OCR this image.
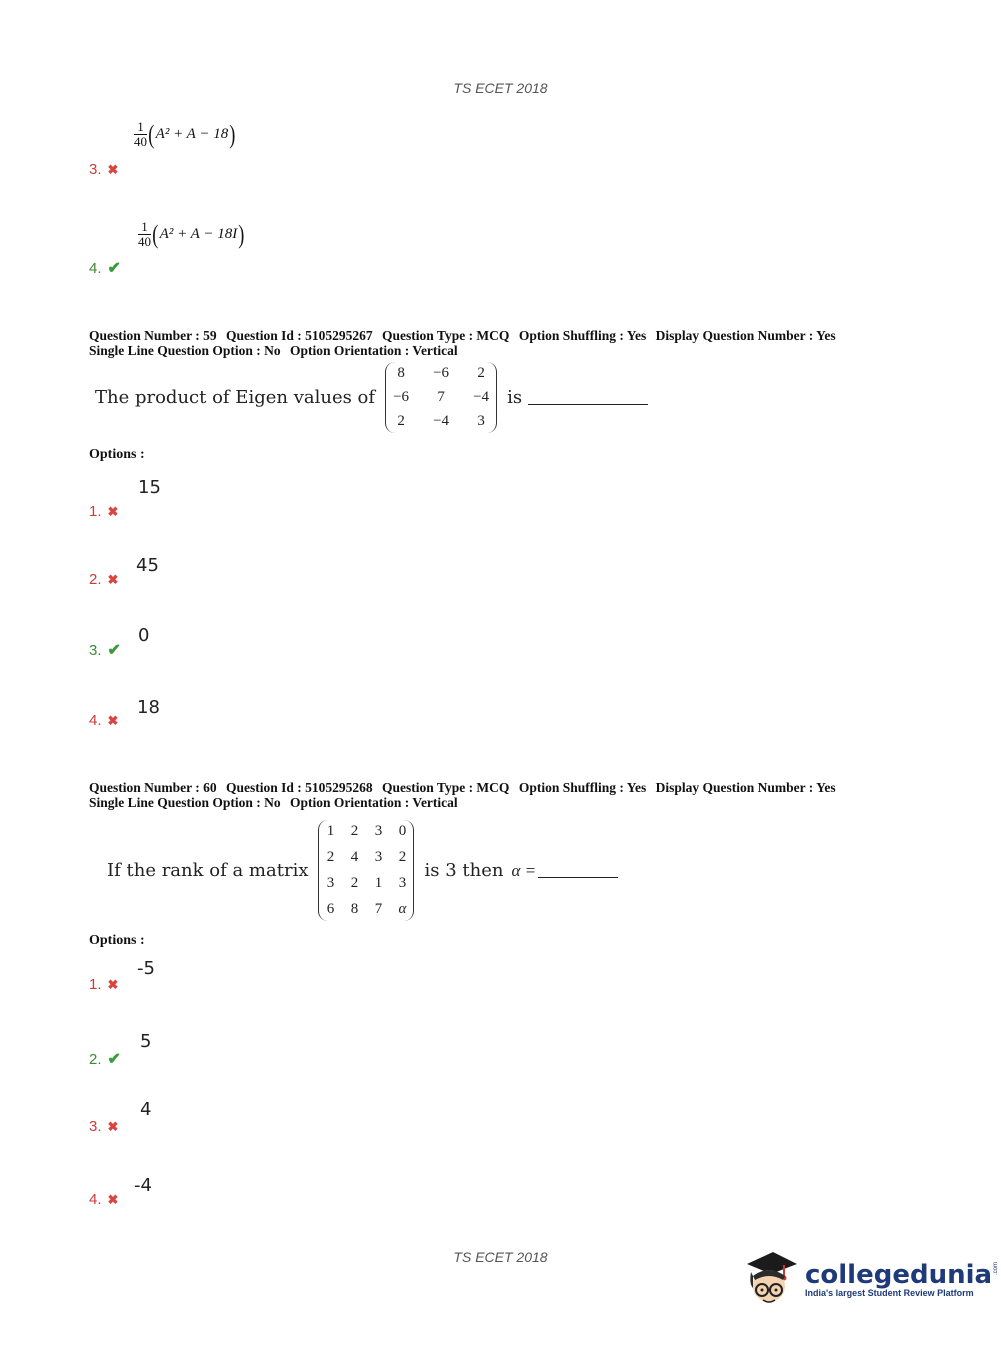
TS ECET 2018
$\frac{1}{40}$ ( A² + A − 18 )
3. ✖
$\frac{1}{40}$ ( A² + A − 18I )
4. ✔
Question Number : 59 Question Id : 5105295267 Question Type : MCQ Option Shuffling : Yes Display Question Number : Yes
Single Line Question Option : No Option Orientation : Vertical
The product of Eigen values of
8	−6	2
−6	7	−4
2	−4	3
is
Options :
15
1. ✖
45
2. ✖
0
3. ✔
18
4. ✖
Question Number : 60 Question Id : 5105295268 Question Type : MCQ Option Shuffling : Yes Display Question Number : Yes
Single Line Question Option : No Option Orientation : Vertical
If the rank of a matrix
1 2 3 0
2 4 3 2
3 2 1 3
6 8 7 α
is 3 then α =
Options :
-5
1. ✖
5
2. ✔
4
3. ✖
-4
4. ✖
TS ECET 2018
collegedunia .com
India's largest Student Review Platform
